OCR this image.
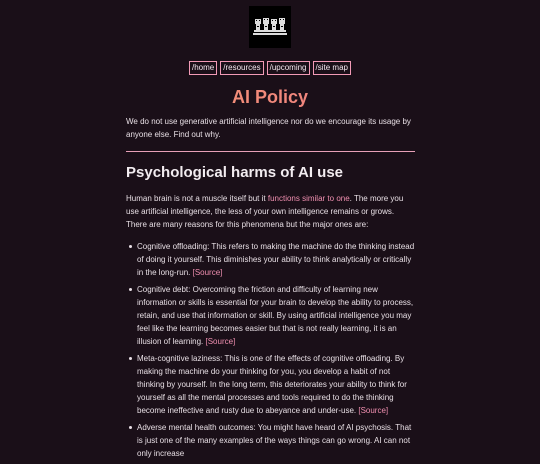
/home	/resources	/upcoming	/site map
AI Policy

We do not use generative artificial intelligence nor do we encourage its usage by anyone else. Find out why.

Psychological harms of AI use

Human brain is not a muscle itself but it functions similar to one. The more you use artificial intelligence, the less of your own intelligence remains or grows. There are many reasons for this phenomena but the major ones are:

Cognitive offloading: This refers to making the machine do the thinking instead of doing it yourself. This diminishes your ability to think analytically or critically in the long-run. [Source]
Cognitive debt: Overcoming the friction and difficulty of learning new information or skills is essential for your brain to develop the ability to process, retain, and use that information or skill. By using artificial intelligence you may feel like the learning becomes easier but that is not really learning, it is an illusion of learning. [Source]
Meta-cognitive laziness: This is one of the effects of cognitive offloading. By making the machine do your thinking for you, you develop a habit of not thinking by yourself. In the long term, this deteriorates your ability to think for yourself as all the mental processes and tools required to do the thinking become ineffective and rusty due to abeyance and under-use. [Source]
Adverse mental health outcomes: You might have heard of AI psychosis. That is just one of the many examples of the ways things can go wrong. AI can not only increase
